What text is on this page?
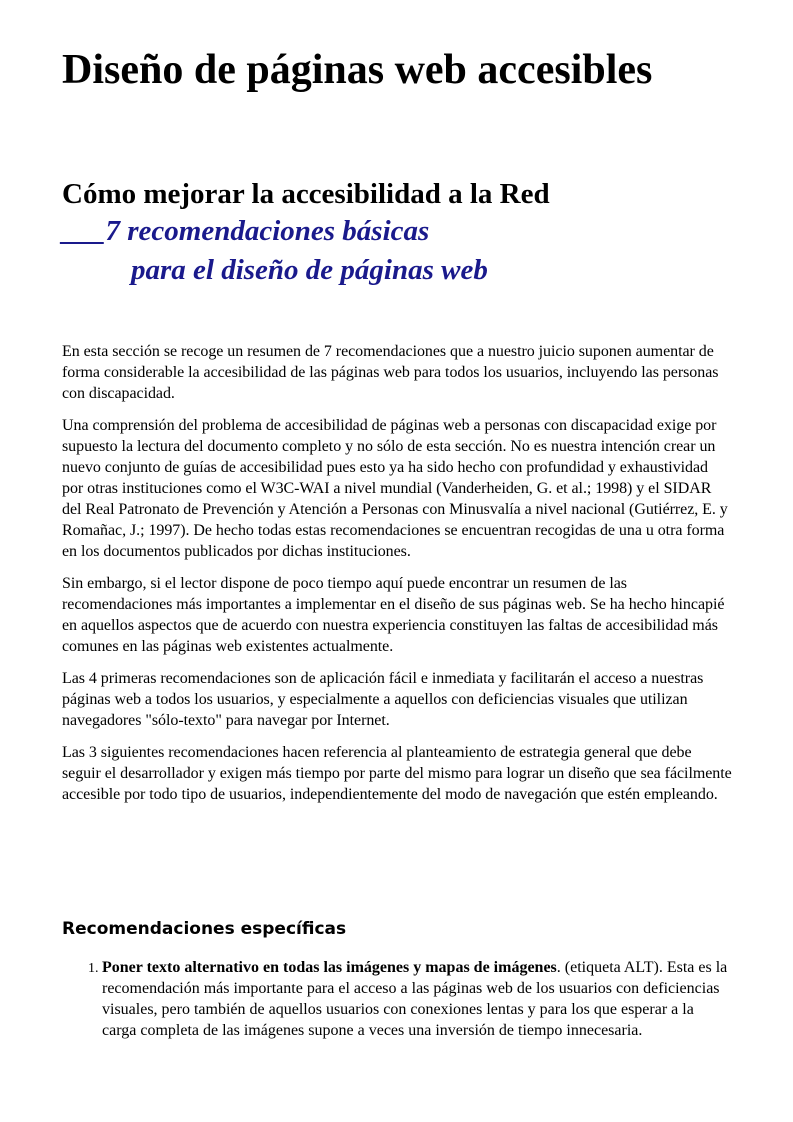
Diseño de páginas web accesibles
Cómo mejorar la accesibilidad a la Red
___7 recomendaciones básicas
para el diseño de páginas web

En esta sección se recoge un resumen de 7 recomendaciones que a nuestro juicio suponen aumentar de forma considerable la accesibilidad de las páginas web para todos los usuarios, incluyendo las personas con discapacidad.

Una comprensión del problema de accesibilidad de páginas web a personas con discapacidad exige por supuesto la lectura del documento completo y no sólo de esta sección. No es nuestra intención crear un nuevo conjunto de guías de accesibilidad pues esto ya ha sido hecho con profundidad y exhaustividad por otras instituciones como el W3C-WAI a nivel mundial (Vanderheiden, G. et al.; 1998) y el SIDAR del Real Patronato de Prevención y Atención a Personas con Minusvalía a nivel nacional (Gutiérrez, E. y Romañac, J.; 1997). De hecho todas estas recomendaciones se encuentran recogidas de una u otra forma en los documentos publicados por dichas instituciones.

Sin embargo, si el lector dispone de poco tiempo aquí puede encontrar un resumen de las recomendaciones más importantes a implementar en el diseño de sus páginas web. Se ha hecho hincapié en aquellos aspectos que de acuerdo con nuestra experiencia constituyen las faltas de accesibilidad más comunes en las páginas web existentes actualmente.

Las 4 primeras recomendaciones son de aplicación fácil e inmediata y facilitarán el acceso a nuestras páginas web a todos los usuarios, y especialmente a aquellos con deficiencias visuales que utilizan navegadores "sólo-texto" para navegar por Internet.

Las 3 siguientes recomendaciones hacen referencia al planteamiento de estrategia general que debe seguir el desarrollador y exigen más tiempo por parte del mismo para lograr un diseño que sea fácilmente accesible por todo tipo de usuarios, independientemente del modo de navegación que estén empleando.

Recomendaciones específicas
1. Poner texto alternativo en todas las imágenes y mapas de imágenes. (etiqueta ALT). Esta es la recomendación más importante para el acceso a las páginas web de los usuarios con deficiencias visuales, pero también de aquellos usuarios con conexiones lentas y para los que esperar a la carga completa de las imágenes supone a veces una inversión de tiempo innecesaria.
